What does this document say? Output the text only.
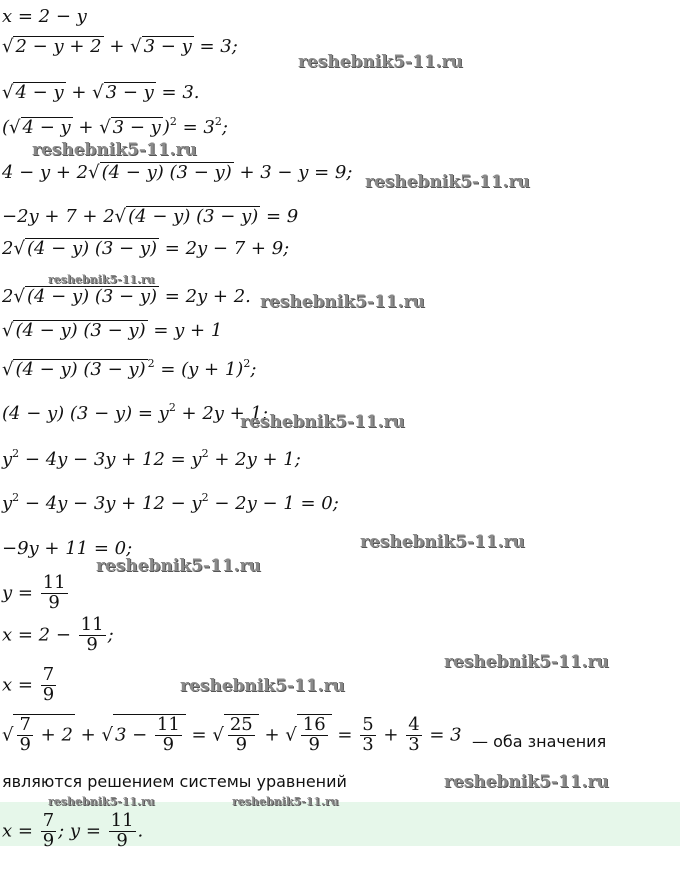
x = 2 − y
√ 2 − y + 2 + √ 3 − y = 3;
√ 4 − y + √ 3 − y = 3.
(√ 4 − y + √ 3 − y )$^2 = 3^2$;
4 − y + 2√ (4 − y) (3 − y) + 3 − y = 9;
−2y + 7 + 2√ (4 − y) (3 − y) = 9
2√ (4 − y) (3 − y) = 2y − 7 + 9;
2√ (4 − y) (3 − y) = 2y + 2.
√ (4 − y) (3 − y) = y + 1
√ (4 − y) (3 − y) $^2 = (y + 1)^2$;
(4 − y) $(3 - y) = y^2 + 2y + 1$;
$y^2 - 4y - 3y + 12 = y^2 + 2y + 1$;
$y^2 - 4y - 3y + 12 - y^2 - 2y - 1 = 0$;
−9y + 11 = 0;
$y = \frac{11}{9}$
$x = 2 - \frac{11}{9}$ ;
$x = \frac{7}{9}$
√ $\frac{7}{9} + 2$ + √ $3 - \frac{11}{9}$ = √ $\frac{25}{9}$ + √ $\frac{16}{9} = \frac{5}{3} + \frac{4}{3} = 3$ — оба значения
являются решением системы уравнений
$x = \frac{7}{9}$ ; $y = \frac{11}{9}$ .
reshebnik5-11.ru
reshebnik5-11.ru
reshebnik5-11.ru
reshebnik5-11.ru
reshebnik5-11.ru
reshebnik5-11.ru
reshebnik5-11.ru
reshebnik5-11.ru
reshebnik5-11.ru
reshebnik5-11.ru
reshebnik5-11.ru
reshebnik5-11.ru	reshebnik5-11.ru
